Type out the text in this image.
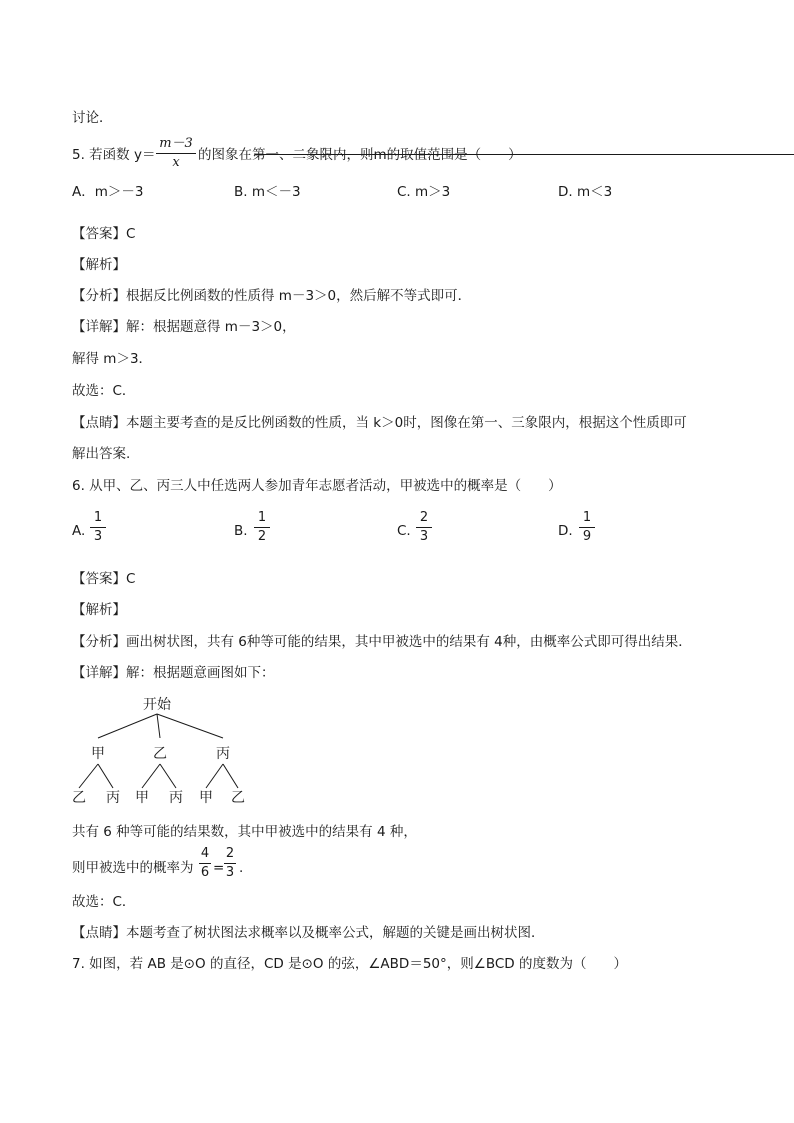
讨论．
5. 若函数 y＝
m－3
x	的图象在第一、二象限内，则m的取值范围是（　　）
A．m＞－3	B. m＜－3	C. m＞3	D. m＜3
【答案】C
【解析】
【分析】根据反比例函数的性质得 m－3＞0，然后解不等式即可．
【详解】解：根据题意得 m－3＞0，
解得 m＞3．
故选：C．
【点睛】本题主要考查的是反比例函数的性质，当 k＞0时，图像在第一、三象限内，根据这个性质即可
解出答案.
6. 从甲、乙、丙三人中任选两人参加青年志愿者活动，甲被选中的概率是（　　）
A.
1
3	B.
1
2	C.
2
3	D.
1
9
【答案】C
【解析】
【分析】画出树状图，共有 6种等可能的结果，其中甲被选中的结果有 4种，由概率公式即可得出结果．
【详解】解：根据题意画图如下：
开始
甲	乙	丙
乙 丙 甲 丙 甲 乙
共有 6 种等可能的结果数，其中甲被选中的结果有 4 种，
则甲被选中的概率为
4
6 =
2
3 .
故选：C．
【点睛】本题考查了树状图法求概率以及概率公式，解题的关键是画出树状图．
7. 如图，若 AB 是⊙O 的直径，CD 是⊙O 的弦，∠ABD＝50°，则∠BCD 的度数为（　　）
